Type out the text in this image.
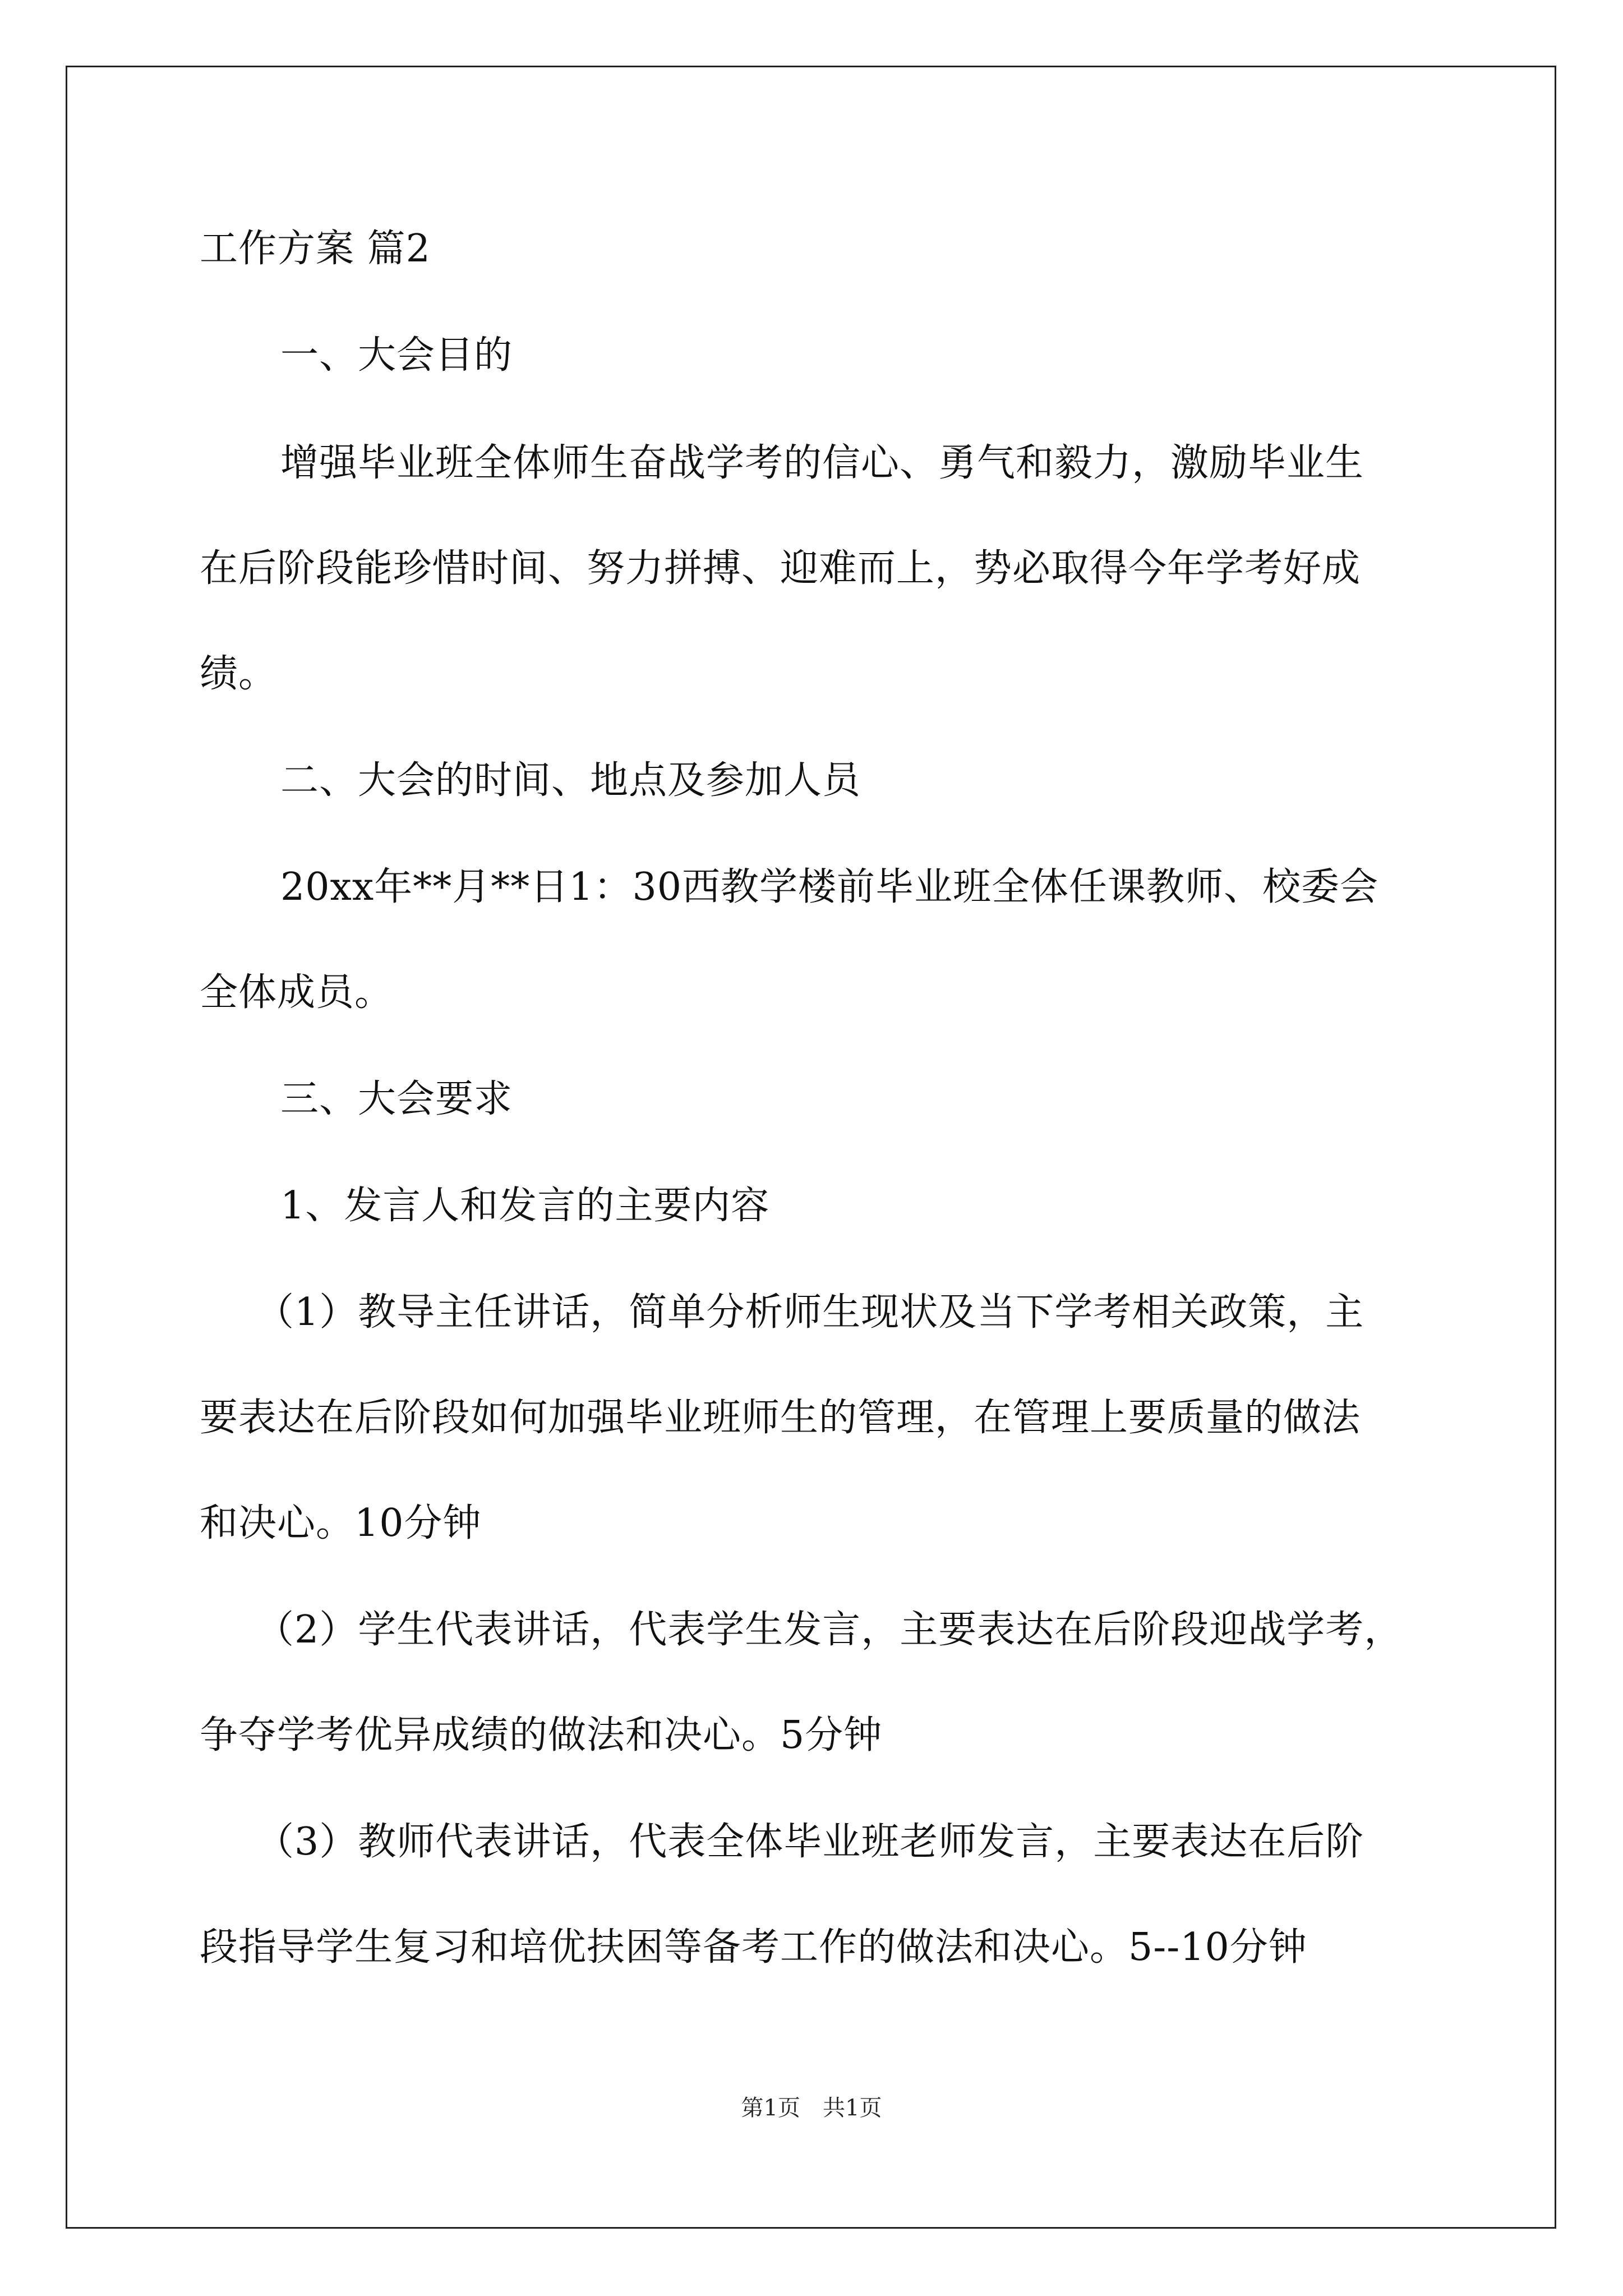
工作方案 篇2
一、大会目的
增强毕业班全体师生奋战学考的信心、勇气和毅力，激励毕业生
在后阶段能珍惜时间、努力拼搏、迎难而上，势必取得今年学考好成
绩。
二、大会的时间、地点及参加人员
20xx年**月**日1：30西教学楼前毕业班全体任课教师、校委会
全体成员。
三、大会要求
1、发言人和发言的主要内容
（1）教导主任讲话，简单分析师生现状及当下学考相关政策，主
要表达在后阶段如何加强毕业班师生的管理，在管理上要质量的做法
和决心。10分钟
（2）学生代表讲话，代表学生发言，主要表达在后阶段迎战学考，
争夺学考优异成绩的做法和决心。5分钟
（3）教师代表讲话，代表全体毕业班老师发言，主要表达在后阶
段指导学生复习和培优扶困等备考工作的做法和决心。5--10分钟
第1页　共1页
